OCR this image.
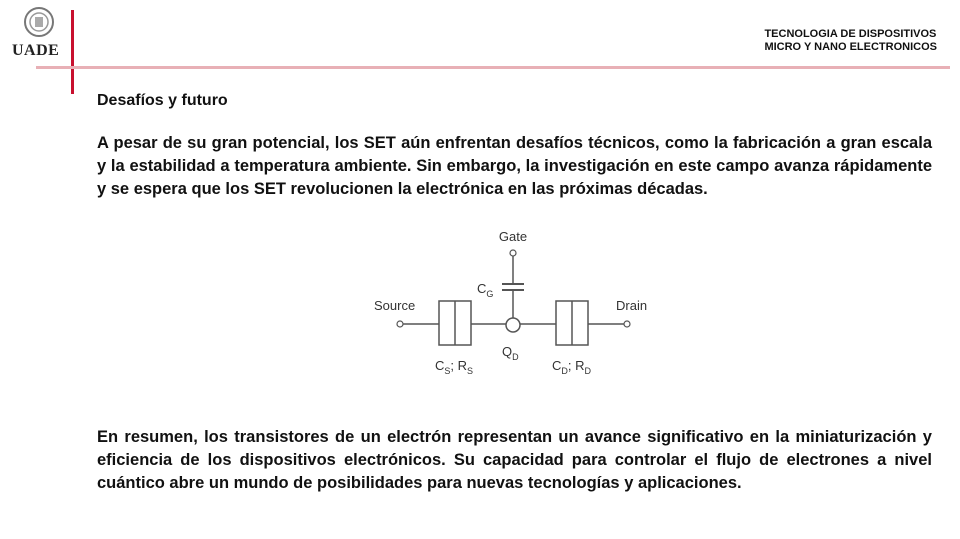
UADE
TECNOLOGIA DE DISPOSITIVOS
MICRO Y NANO ELECTRONICOS
Desafíos y futuro
A pesar de su gran potencial, los SET aún enfrentan desafíos técnicos, como la fabricación a gran escala y la estabilidad a temperatura ambiente. Sin embargo, la investigación en este campo avanza rápidamente y se espera que los SET revolucionen la electrónica en las próximas décadas.
Gate
$C_G$
Source
$Q_D$
Drain
$C_S$; $R_S$	$C_D$; $R_D$
En resumen, los transistores de un electrón representan un avance significativo en la miniaturización y eficiencia de los dispositivos electrónicos. Su capacidad para controlar el flujo de electrones a nivel cuántico abre un mundo de posibilidades para nuevas tecnologías y aplicaciones.
